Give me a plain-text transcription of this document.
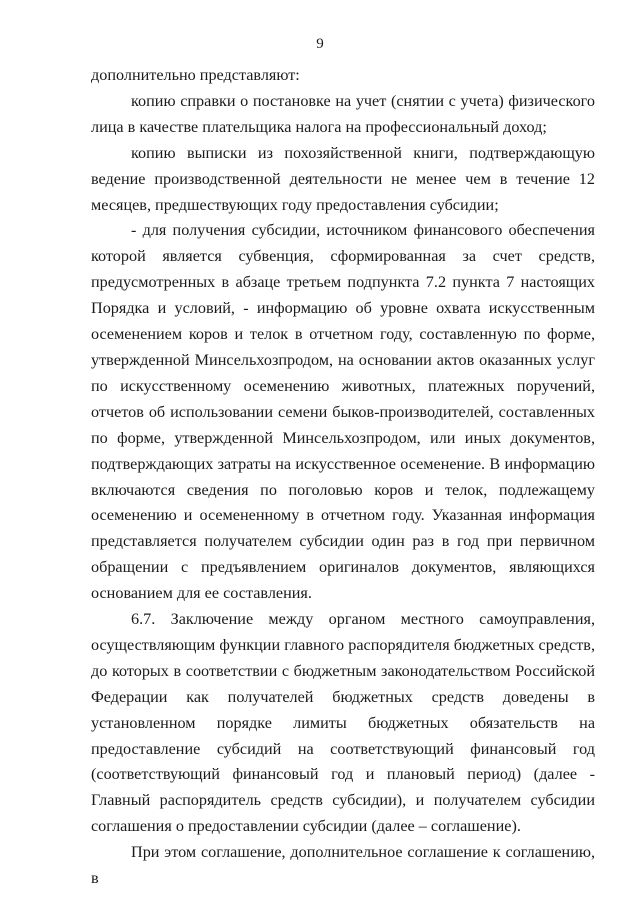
9

дополнительно представляют:

копию справки о постановке на учет (снятии с учета) физического лица в качестве плательщика налога на профессиональный доход;

копию выписки из похозяйственной книги, подтверждающую ведение производственной деятельности не менее чем в течение 12 месяцев, предшествующих году предоставления субсидии;

- для получения субсидии, источником финансового обеспечения которой является субвенция, сформированная за счет средств, предусмотренных в абзаце третьем подпункта 7.2 пункта 7 настоящих Порядка и условий, - информацию об уровне охвата искусственным осеменением коров и телок в отчетном году, составленную по форме, утвержденной Минсельхозпродом, на основании актов оказанных услуг по искусственному осеменению животных, платежных поручений, отчетов об использовании семени быков-производителей, составленных по форме, утвержденной Минсельхозпродом, или иных документов, подтверждающих затраты на искусственное осеменение. В информацию включаются сведения по поголовью коров и телок, подлежащему осеменению и осемененному в отчетном году. Указанная информация представляется получателем субсидии один раз в год при первичном обращении с предъявлением оригиналов документов, являющихся основанием для ее составления.

6.7. Заключение между органом местного самоуправления, осуществляющим функции главного распорядителя бюджетных средств, до которых в соответствии с бюджетным законодательством Российской Федерации как получателей бюджетных средств доведены в установленном порядке лимиты бюджетных обязательств на предоставление субсидий на соответствующий финансовый год (соответствующий финансовый год и плановый период) (далее - Главный распорядитель средств субсидии), и получателем субсидии соглашения о предоставлении субсидии (далее – соглашение).

При этом соглашение, дополнительное соглашение к соглашению, в
